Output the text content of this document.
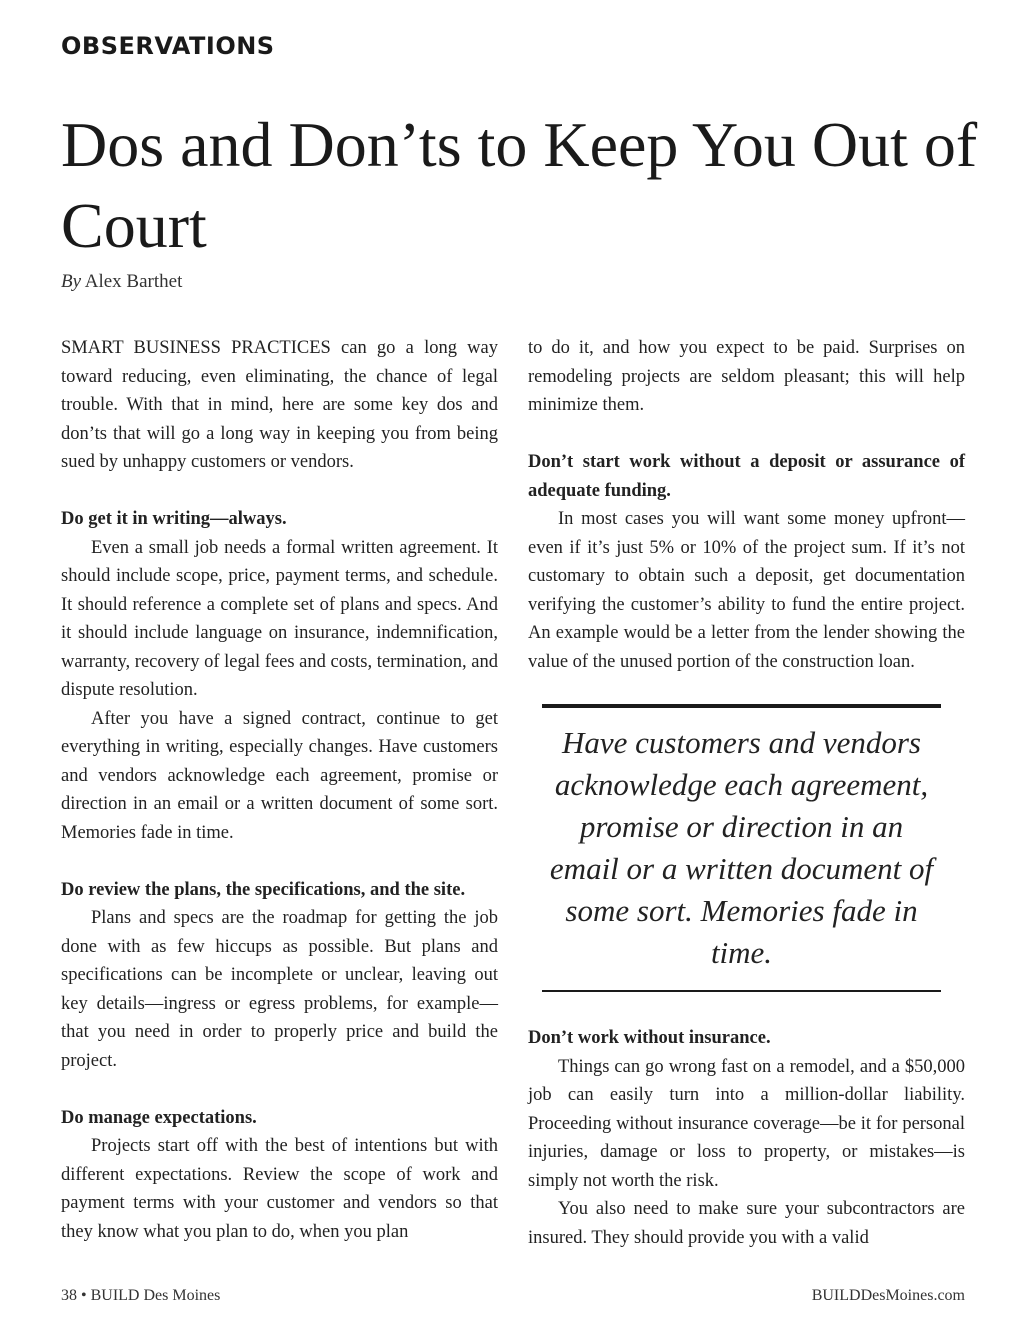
OBSERVATIONS
Dos and Don’ts to Keep You Out of Court
By Alex Barthet

SMART BUSINESS PRACTICES can go a long way toward reducing, even eliminating, the chance of legal trouble. With that in mind, here are some key dos and don’ts that will go a long way in keeping you from being sued by unhappy customers or vendors.

Do get it in writing—always.

Even a small job needs a formal written agreement. It should include scope, price, payment terms, and schedule. It should reference a complete set of plans and specs. And it should include language on insurance, indemnification, warranty, recovery of legal fees and costs, termination, and dispute resolution.

After you have a signed contract, continue to get everything in writing, especially changes. Have customers and vendors acknowledge each agreement, promise or direction in an email or a written document of some sort. Memories fade in time.

Do review the plans, the specifications, and the site.

Plans and specs are the roadmap for getting the job done with as few hiccups as possible. But plans and specifications can be incomplete or unclear, leaving out key details—ingress or egress problems, for example—that you need in order to properly price and build the project.

Do manage expectations.

Projects start off with the best of intentions but with different expectations. Review the scope of work and payment terms with your customer and vendors so that they know what you plan to do, when you plan

to do it, and how you expect to be paid. Surprises on remodeling projects are seldom pleasant; this will help minimize them.

Don’t start work without a deposit or assurance of adequate funding.

In most cases you will want some money upfront—even if it’s just 5% or 10% of the project sum. If it’s not customary to obtain such a deposit, get documentation verifying the customer’s ability to fund the entire project. An example would be a letter from the lender showing the value of the unused portion of the construction loan.

Have customers and vendors acknowledge each agreement, promise or direction in an email or a written document of some sort. Memories fade in time.

Don’t work without insurance.

Things can go wrong fast on a remodel, and a $50,000 job can easily turn into a million-dollar liability. Proceeding without insurance coverage—be it for personal injuries, damage or loss to property, or mistakes—is simply not worth the risk.

You also need to make sure your subcontractors are insured. They should provide you with a valid

38 • BUILD Des Moines	BUILDDesMoines.com
